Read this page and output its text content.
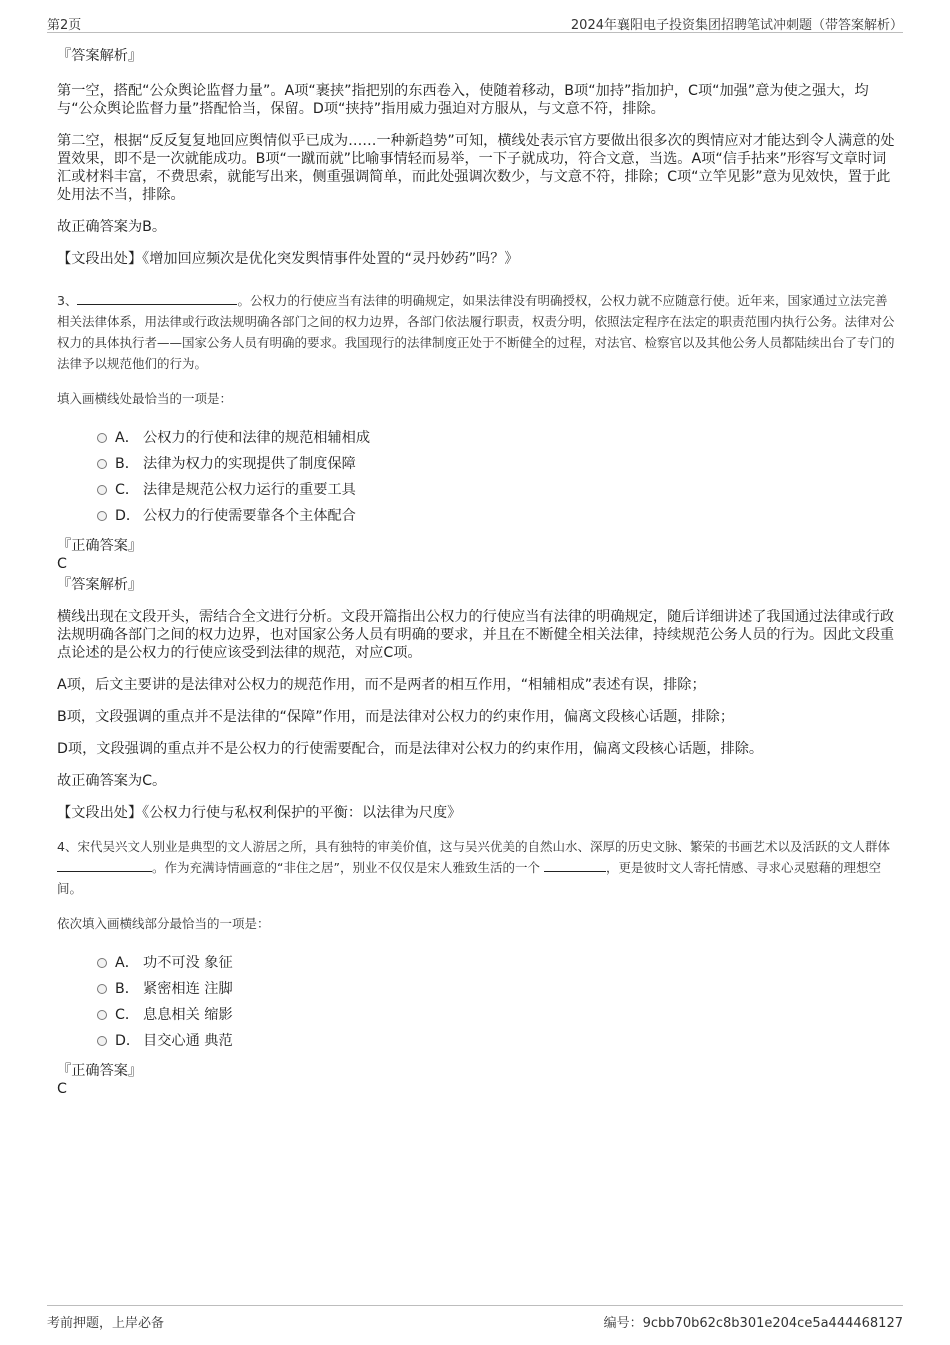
第2页	2024年襄阳电子投资集团招聘笔试冲刺题（带答案解析）

『答案解析』

第一空，搭配“公众舆论监督力量”。A项“裹挟”指把别的东西卷入，使随着移动，B项“加持”指加护，C项“加强”意为使之强大，均与“公众舆论监督力量”搭配恰当，保留。D项“挟持”指用威力强迫对方服从，与文意不符，排除。

第二空，根据“反反复复地回应舆情似乎已成为……一种新趋势”可知，横线处表示官方要做出很多次的舆情应对才能达到令人满意的处置效果，即不是一次就能成功。B项“一蹴而就”比喻事情轻而易举，一下子就成功，符合文意，当选。A项“信手拈来”形容写文章时词汇或材料丰富，不费思索，就能写出来，侧重强调简单，而此处强调次数少，与文意不符，排除；C项“立竿见影”意为见效快，置于此处用法不当，排除。

故正确答案为B。

【文段出处】《增加回应频次是优化突发舆情事件处置的“灵丹妙药”吗？》

3、	。公权力的行使应当有法律的明确规定，如果法律没有明确授权，公权力就不应随意行使。近年来，国家通过立法完善相关法律体系，用法律或行政法规明确各部门之间的权力边界，各部门依法履行职责，权责分明，依照法定程序在法定的职责范围内执行公务。法律对公权力的具体执行者——国家公务人员有明确的要求。我国现行的法律制度正处于不断健全的过程，对法官、检察官以及其他公务人员都陆续出台了专门的法律予以规范他们的行为。

填入画横线处最恰当的一项是：

A． 公权力的行使和法律的规范相辅相成
B． 法律为权力的实现提供了制度保障
C． 法律是规范公权力运行的重要工具
D． 公权力的行使需要靠各个主体配合

『正确答案』

C

『答案解析』

横线出现在文段开头，需结合全文进行分析。文段开篇指出公权力的行使应当有法律的明确规定，随后详细讲述了我国通过法律或行政法规明确各部门之间的权力边界，也对国家公务人员有明确的要求，并且在不断健全相关法律，持续规范公务人员的行为。因此文段重点论述的是公权力的行使应该受到法律的规范，对应C项。

A项，后文主要讲的是法律对公权力的规范作用，而不是两者的相互作用，“相辅相成”表述有误，排除；

B项，文段强调的重点并不是法律的“保障”作用，而是法律对公权力的约束作用，偏离文段核心话题，排除；

D项，文段强调的重点并不是公权力的行使需要配合，而是法律对公权力的约束作用，偏离文段核心话题，排除。

故正确答案为C。

【文段出处】《公权力行使与私权利保护的平衡：以法律为尺度》

4、宋代吴兴文人别业是典型的文人游居之所，具有独特的审美价值，这与吴兴优美的自然山水、深厚的历史文脉、繁荣的书画艺术以及活跃的文人群体 。作为充满诗情画意的“非住之居”，别业不仅仅是宋人雅致生活的一个	，更是彼时文人寄托情感、寻求心灵慰藉的理想空间。

依次填入画横线部分最恰当的一项是：

A． 功不可没 象征
B． 紧密相连 注脚
C． 息息相关 缩影
D． 目交心通 典范

『正确答案』

C

考前押题，上岸必备	编号：9cbb70b62c8b301e204ce5a444468127
